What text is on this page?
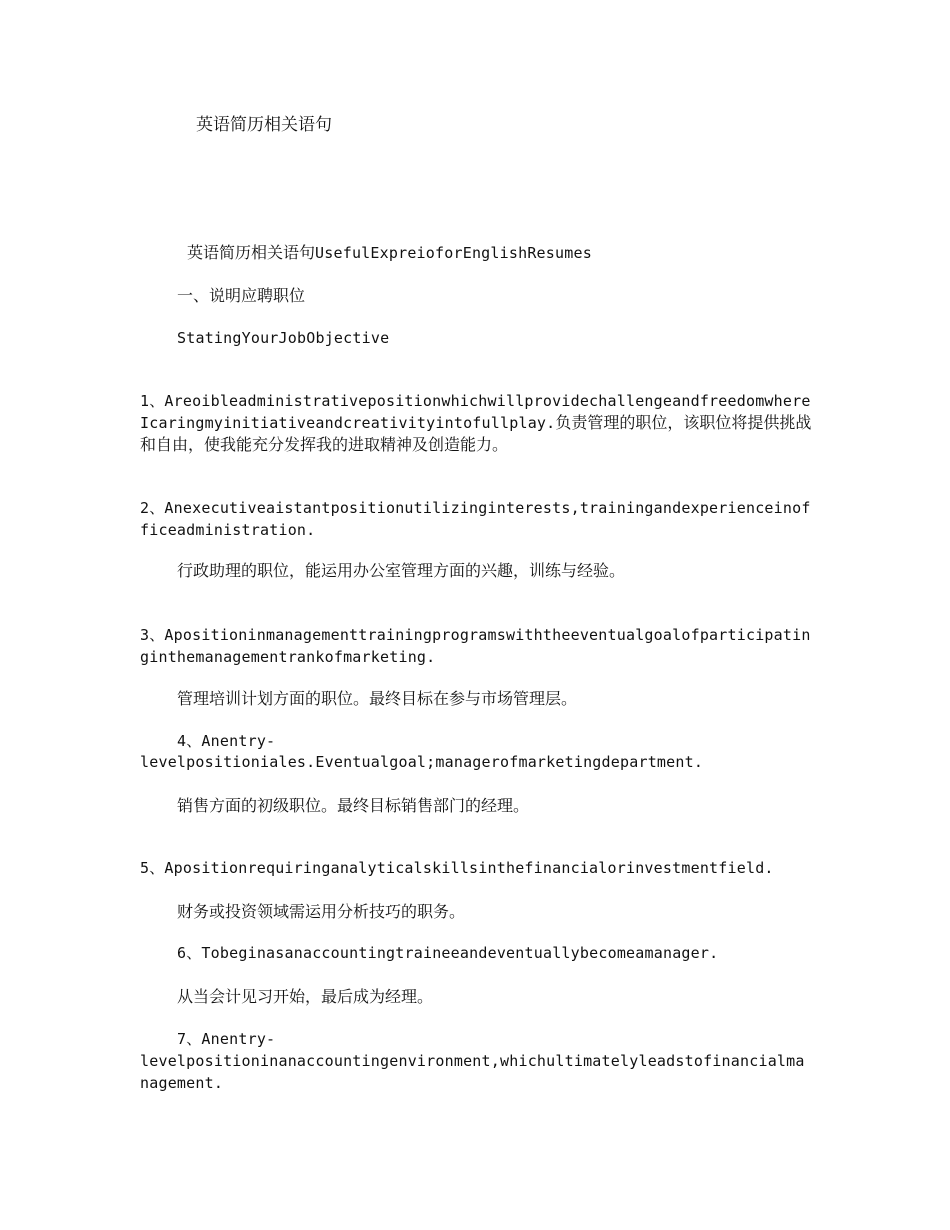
英语简历相关语句
英语简历相关语句UsefulExpreioforEnglishResumes
一、说明应聘职位
StatingYourJobObjective
1、Areoibleadministrativepositionwhichwillprovidechallengeandfreedomwhere Icaringmyinitiativeandcreativityintofullplay.负责管理的职位，该职位将提供挑战和自由，使我能充分发挥我的进取精神及创造能力。
2、Anexecutiveaistantpositionutilizinginterests,trainingandexperienceinofficeadministration.
行政助理的职位，能运用办公室管理方面的兴趣，训练与经验。
3、Apositioninmanagementtrainingprogramswiththeeventualgoalofparticipatinginthemanagementrankofmarketing.
管理培训计划方面的职位。最终目标在参与市场管理层。
4、Anentry-
levelpositioniales.Eventualgoal;managerofmarketingdepartment.
销售方面的初级职位。最终目标销售部门的经理。
5、Apositionrequiringanalyticalskillsinthefinancialorinvestmentfield.
财务或投资领域需运用分析技巧的职务。
6、Tobeginasanaccountingtraineeandeventuallybecomeamanager.
从当会计见习开始，最后成为经理。
7、Anentry-
levelpositioninanaccountingenvironment,whichultimatelyleadstofinancialmanagement.
